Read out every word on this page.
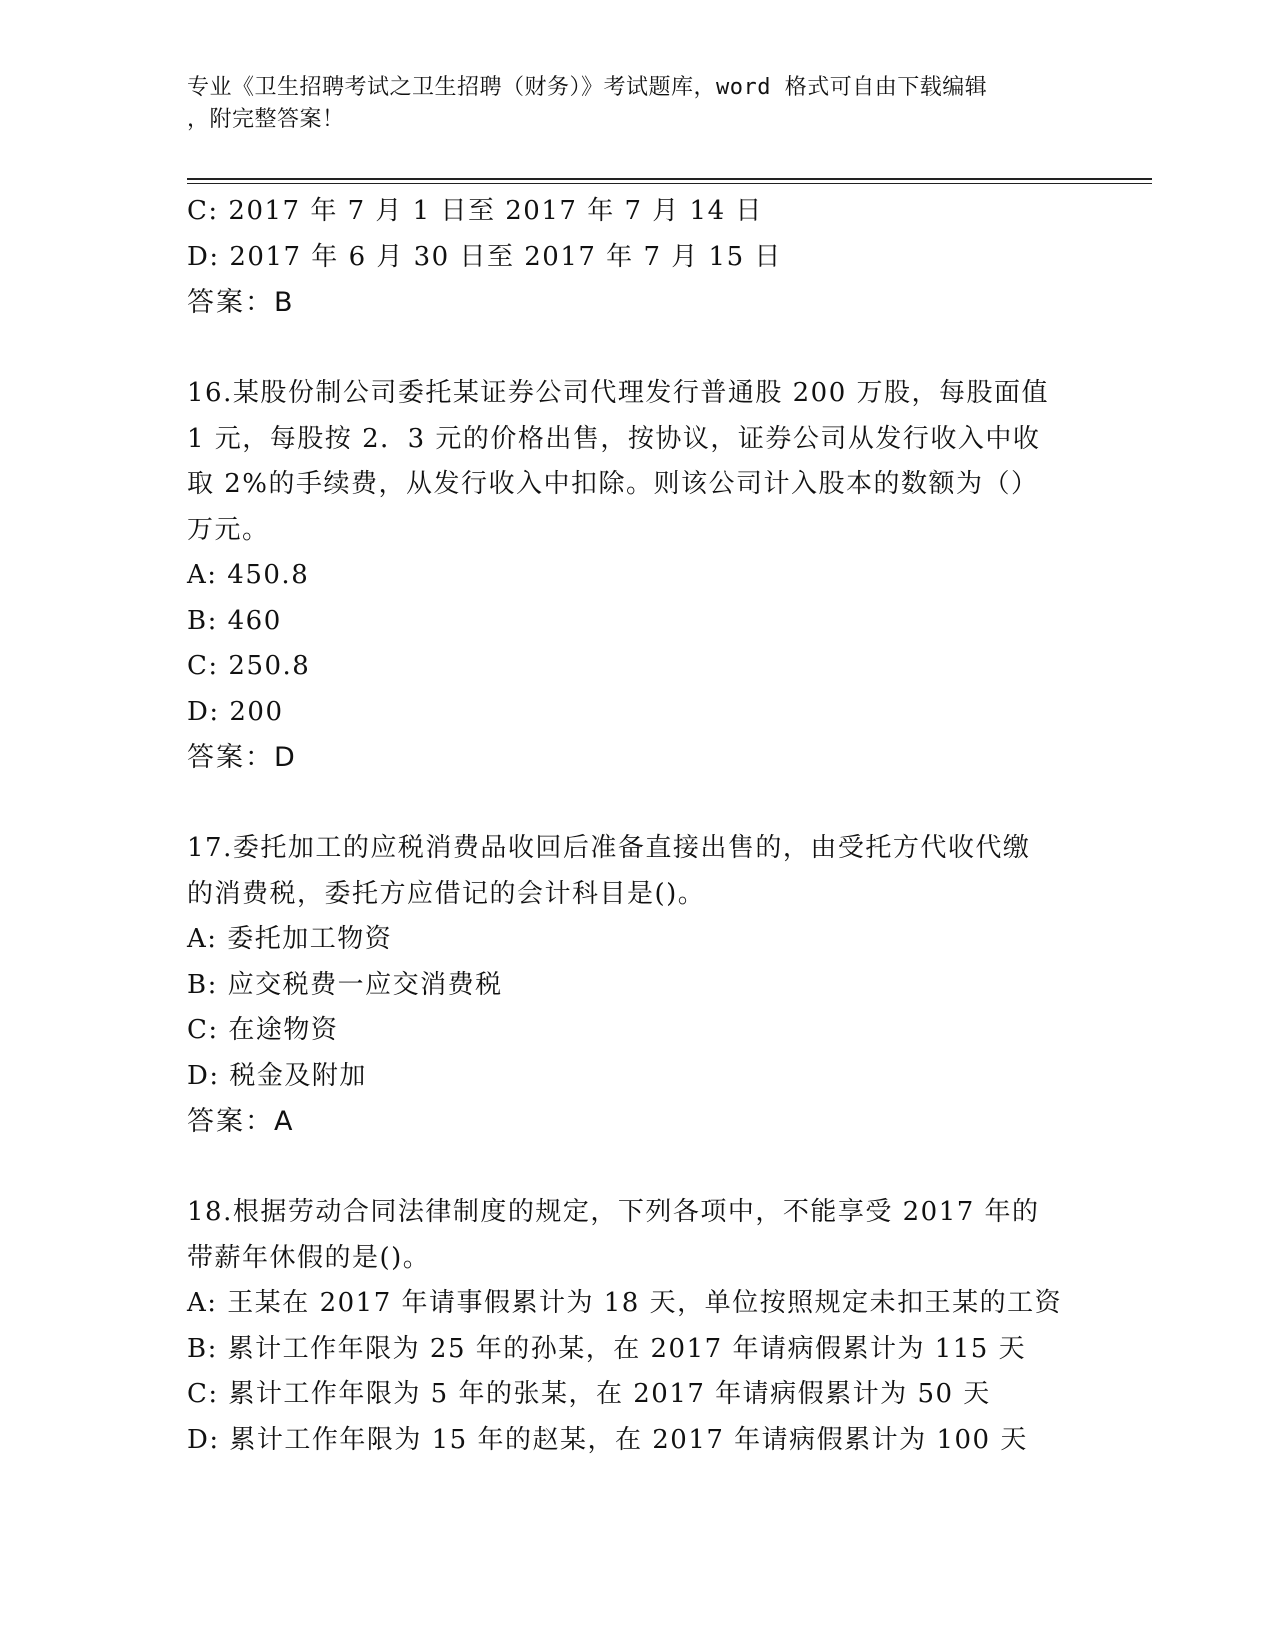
专业《卫生招聘考试之卫生招聘（财务）》考试题库，word 格式可自由下载编辑
，附完整答案！
C: 2017 年 7 月 1 日至 2017 年 7 月 14 日
D: 2017 年 6 月 30 日至 2017 年 7 月 15 日
答案：B
16.某股份制公司委托某证券公司代理发行普通股 200 万股，每股面值
1 元，每股按 2．3 元的价格出售，按协议，证券公司从发行收入中收
取 2%的手续费，从发行收入中扣除。则该公司计入股本的数额为（）
万元。
A: 450.8
B: 460
C: 250.8
D: 200
答案：D
17.委托加工的应税消费品收回后准备直接出售的，由受托方代收代缴
的消费税，委托方应借记的会计科目是()。
A: 委托加工物资
B: 应交税费一应交消费税
C: 在途物资
D: 税金及附加
答案：A
18.根据劳动合同法律制度的规定，下列各项中，不能享受 2017 年的
带薪年休假的是()。
A: 王某在 2017 年请事假累计为 18 天，单位按照规定未扣王某的工资
B: 累计工作年限为 25 年的孙某，在 2017 年请病假累计为 115 天
C: 累计工作年限为 5 年的张某，在 2017 年请病假累计为 50 天
D: 累计工作年限为 15 年的赵某，在 2017 年请病假累计为 100 天
